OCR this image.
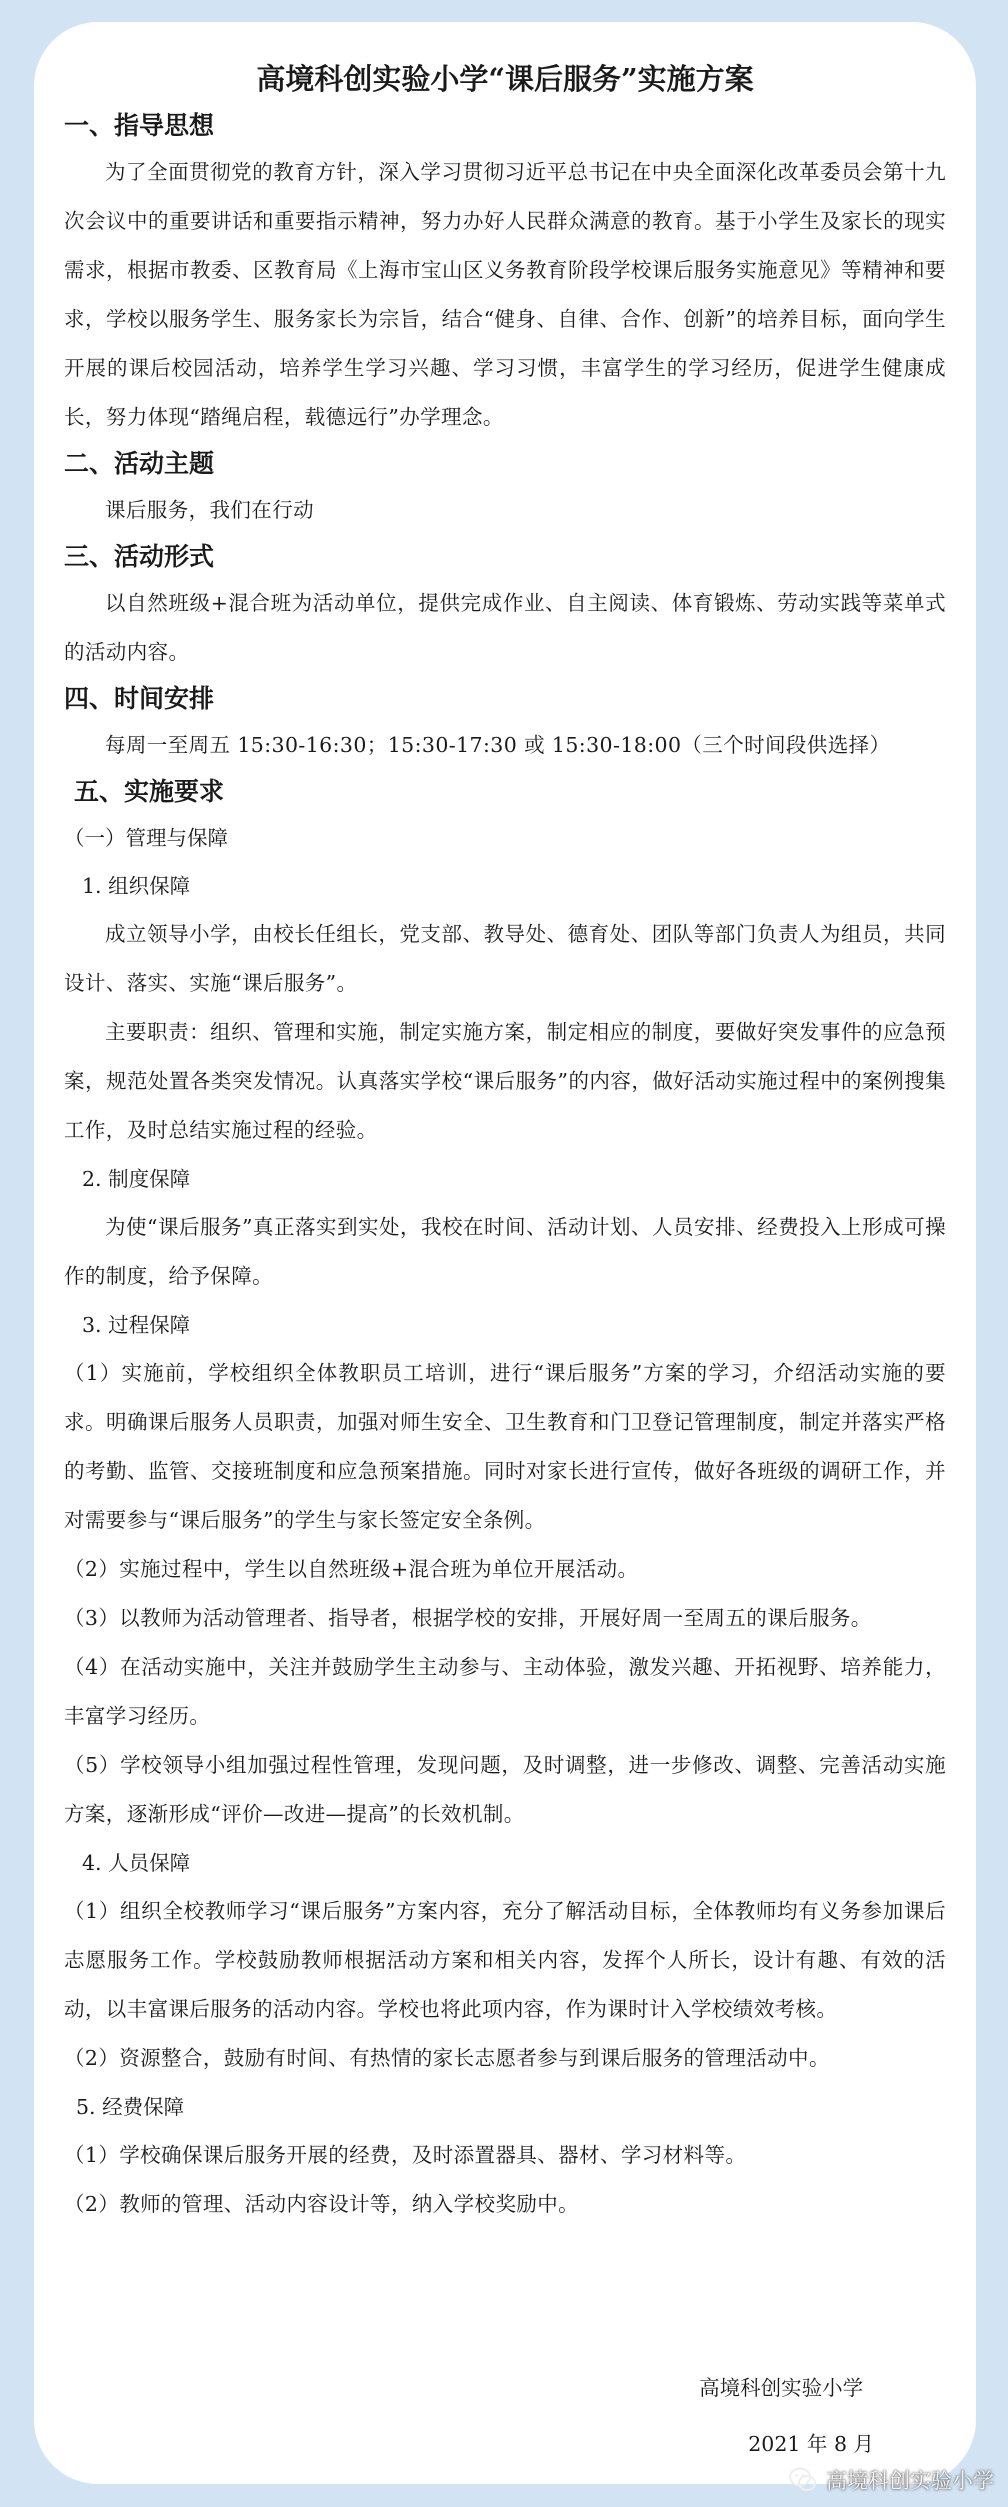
高境科创实验小学“课后服务”实施方案
一、指导思想

为了全面贯彻党的教育方针，深入学习贯彻习近平总书记在中央全面深化改革委员会第十九次会议中的重要讲话和重要指示精神，努力办好人民群众满意的教育。基于小学生及家长的现实需求，根据市教委、区教育局《上海市宝山区义务教育阶段学校课后服务实施意见》等精神和要求，学校以服务学生、服务家长为宗旨，结合“健身、自律、合作、创新”的培养目标，面向学生开展的课后校园活动，培养学生学习兴趣、学习习惯，丰富学生的学习经历，促进学生健康成长，努力体现“踏绳启程，载德远行”办学理念。

二、活动主题

课后服务，我们在行动

三、活动形式

以自然班级+混合班为活动单位，提供完成作业、自主阅读、体育锻炼、劳动实践等菜单式的活动内容。

四、时间安排

每周一至周五 15:30-16:30；15:30-17:30 或 15:30-18:00（三个时间段供选择）

五、实施要求

（一）管理与保障

1. 组织保障

成立领导小学，由校长任组长，党支部、教导处、德育处、团队等部门负责人为组员，共同设计、落实、实施“课后服务”。

主要职责：组织、管理和实施，制定实施方案，制定相应的制度，要做好突发事件的应急预案，规范处置各类突发情况。认真落实学校“课后服务”的内容，做好活动实施过程中的案例搜集工作，及时总结实施过程的经验。

2. 制度保障

为使“课后服务”真正落实到实处，我校在时间、活动计划、人员安排、经费投入上形成可操作的制度，给予保障。

3. 过程保障

（1）实施前，学校组织全体教职员工培训，进行“课后服务”方案的学习，介绍活动实施的要求。明确课后服务人员职责，加强对师生安全、卫生教育和门卫登记管理制度，制定并落实严格的考勤、监管、交接班制度和应急预案措施。同时对家长进行宣传，做好各班级的调研工作，并对需要参与“课后服务”的学生与家长签定安全条例。

（2）实施过程中，学生以自然班级+混合班为单位开展活动。

（3）以教师为活动管理者、指导者，根据学校的安排，开展好周一至周五的课后服务。

（4）在活动实施中，关注并鼓励学生主动参与、主动体验，激发兴趣、开拓视野、培养能力，丰富学习经历。

（5）学校领导小组加强过程性管理，发现问题，及时调整，进一步修改、调整、完善活动实施方案，逐渐形成“评价—改进—提高”的长效机制。

4. 人员保障

（1）组织全校教师学习“课后服务”方案内容，充分了解活动目标，全体教师均有义务参加课后志愿服务工作。学校鼓励教师根据活动方案和相关内容，发挥个人所长，设计有趣、有效的活动，以丰富课后服务的活动内容。学校也将此项内容，作为课时计入学校绩效考核。

（2）资源整合，鼓励有时间、有热情的家长志愿者参与到课后服务的管理活动中。

5. 经费保障

（1）学校确保课后服务开展的经费，及时添置器具、器材、学习材料等。

（2）教师的管理、活动内容设计等，纳入学校奖励中。

高境科创实验小学
2021 年 8 月
高境科创实验小学
